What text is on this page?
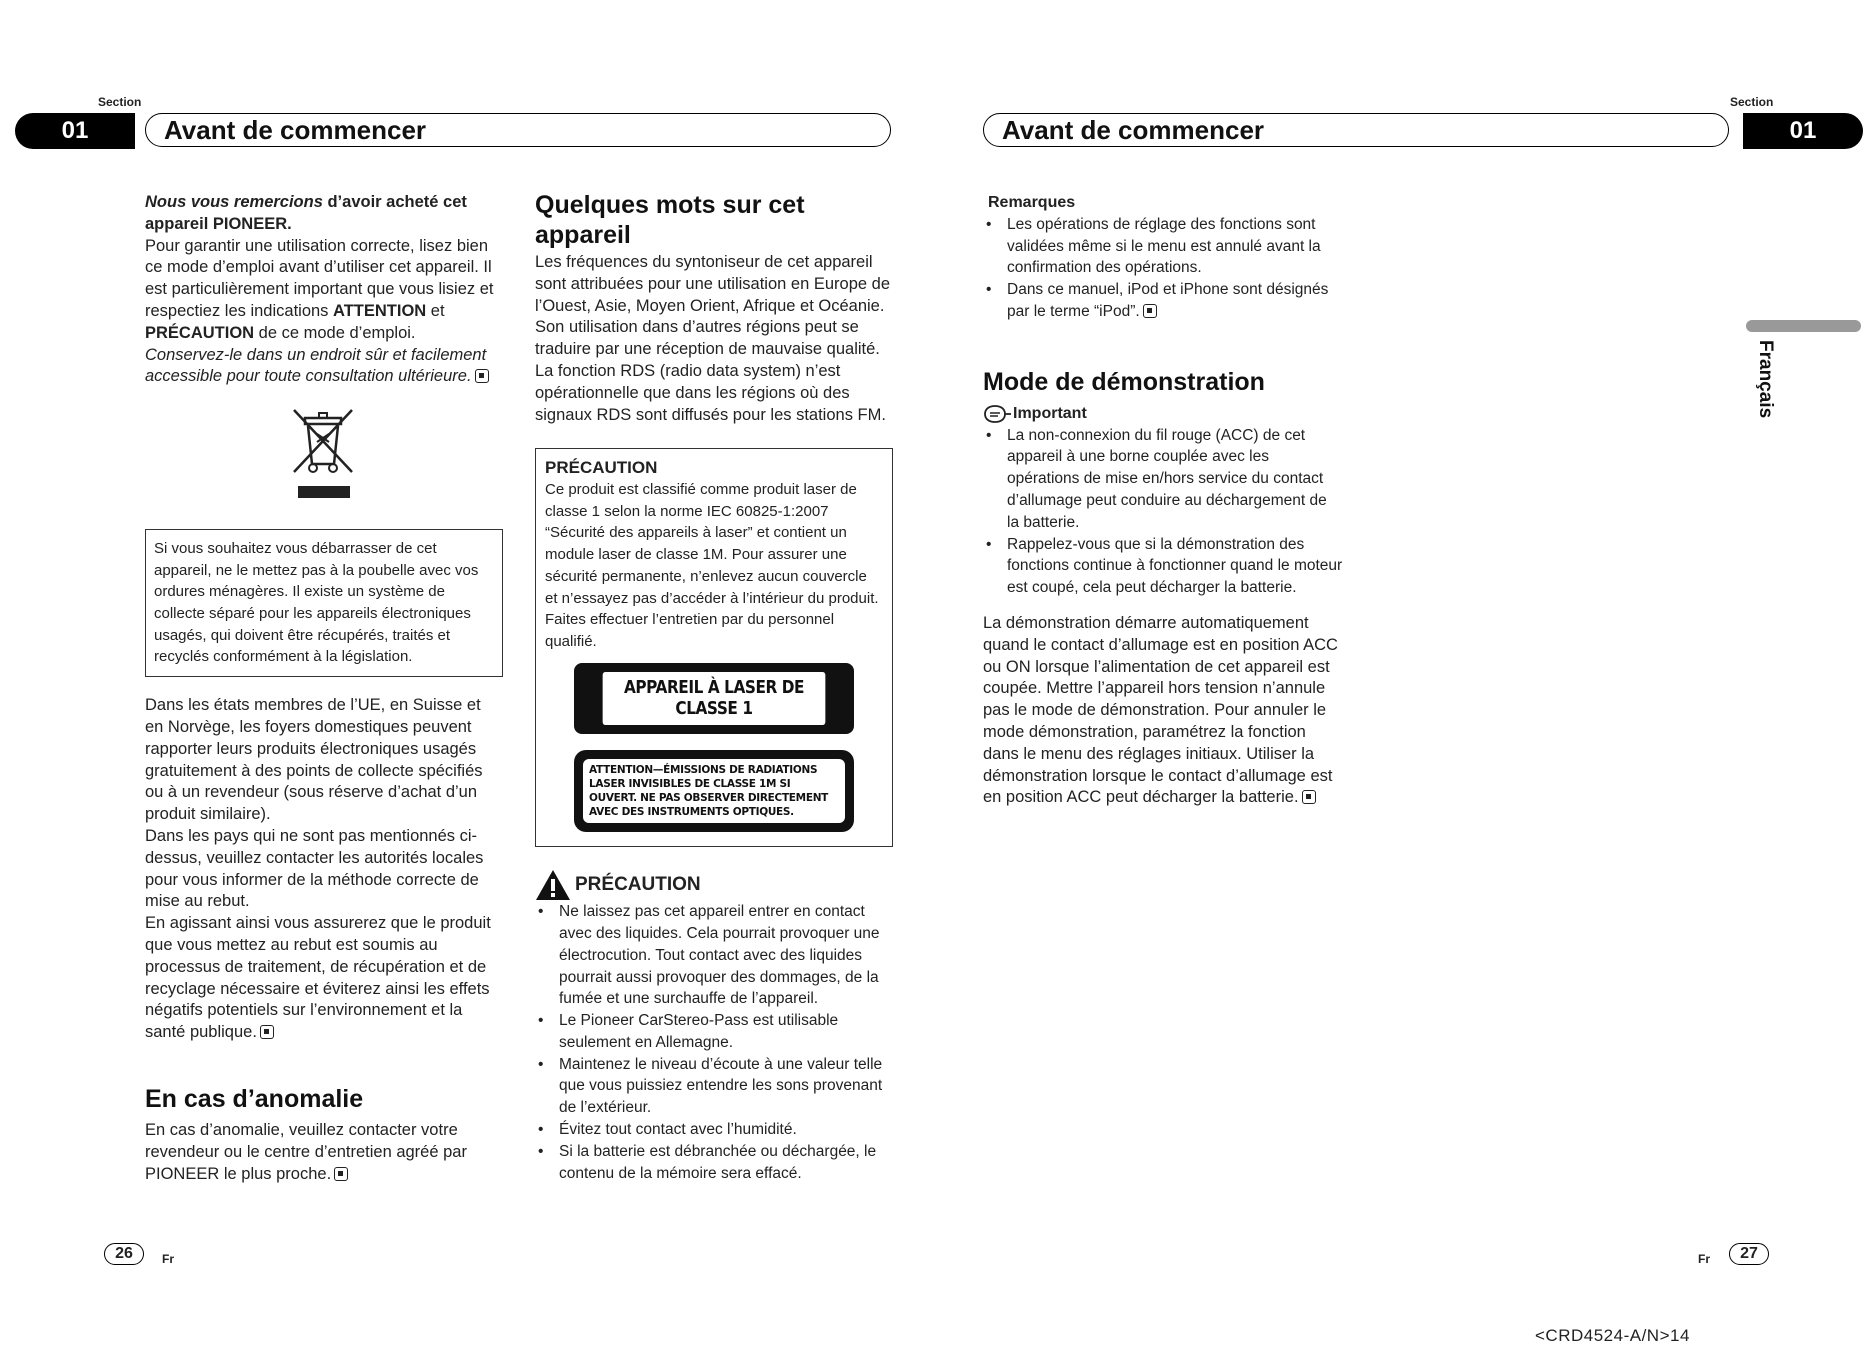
Section
01	Avant de commencer

Nous vous remercions d’avoir acheté cet appareil PIONEER.
Pour garantir une utilisation correcte, lisez bien ce mode d’emploi avant d’utiliser cet appareil. Il est particulièrement important que vous lisiez et respectiez les indications ATTENTION et PRÉCAUTION de ce mode d’emploi. Conservez-le dans un endroit sûr et facilement accessible pour toute consultation ultérieure.

Si vous souhaitez vous débarrasser de cet appareil, ne le mettez pas à la poubelle avec vos ordures ménagères. Il existe un système de collecte séparé pour les appareils électroniques usagés, qui doivent être récupérés, traités et recyclés conformément à la législation.

Dans les états membres de l’UE, en Suisse et en Norvège, les foyers domestiques peuvent rapporter leurs produits électroniques usagés gratuitement à des points de collecte spécifiés ou à un revendeur (sous réserve d’achat d’un produit similaire).

Dans les pays qui ne sont pas mentionnés ci-dessus, veuillez contacter les autorités locales pour vous informer de la méthode correcte de mise au rebut.

En agissant ainsi vous assurerez que le produit que vous mettez au rebut est soumis au processus de traitement, de récupération et de recyclage nécessaire et éviterez ainsi les effets négatifs potentiels sur l’environnement et la santé publique.

En cas d’anomalie

En cas d’anomalie, veuillez contacter votre revendeur ou le centre d’entretien agréé par PIONEER le plus proche.

Quelques mots sur cet appareil

Les fréquences du syntoniseur de cet appareil sont attribuées pour une utilisation en Europe de l’Ouest, Asie, Moyen Orient, Afrique et Océanie. Son utilisation dans d’autres régions peut se traduire par une réception de mauvaise qualité. La fonction RDS (radio data system) n’est opérationnelle que dans les régions où des signaux RDS sont diffusés pour les stations FM.

PRÉCAUTION
Ce produit est classifié comme produit laser de classe 1 selon la norme IEC 60825-1:2007 “Sécurité des appareils à laser” et contient un module laser de classe 1M. Pour assurer une sécurité permanente, n’enlevez aucun couvercle et n’essayez pas d’accéder à l’intérieur du produit. Faites effectuer l’entretien par du personnel qualifié.
APPAREIL À LASER DE CLASSE 1
ATTENTION—ÉMISSIONS DE RADIATIONS LASER INVISIBLES DE CLASSE 1M SI OUVERT. NE PAS OBSERVER DIRECTEMENT AVEC DES INSTRUMENTS OPTIQUES.
PRÉCAUTION
• Ne laissez pas cet appareil entrer en contact avec des liquides. Cela pourrait provoquer une électrocution. Tout contact avec des liquides pourrait aussi provoquer des dommages, de la fumée et une surchauffe de l’appareil.
• Le Pioneer CarStereo-Pass est utilisable seulement en Allemagne.
• Maintenez le niveau d’écoute à une valeur telle que vous puissiez entendre les sons provenant de l’extérieur.
• Évitez tout contact avec l’humidité.
• Si la batterie est débranchée ou déchargée, le contenu de la mémoire sera effacé.
26	Fr
Section
Avant de commencer	01
Remarques
• Les opérations de réglage des fonctions sont validées même si le menu est annulé avant la confirmation des opérations.
• Dans ce manuel, iPod et iPhone sont désignés par le terme “iPod”.
Mode de démonstration
Important
• La non-connexion du fil rouge (ACC) de cet appareil à une borne couplée avec les opérations de mise en/hors service du contact d’allumage peut conduire au déchargement de la batterie.
• Rappelez-vous que si la démonstration des fonctions continue à fonctionner quand le moteur est coupé, cela peut décharger la batterie.

La démonstration démarre automatiquement quand le contact d’allumage est en position ACC ou ON lorsque l’alimentation de cet appareil est coupée. Mettre l’appareil hors tension n’annule pas le mode de démonstration. Pour annuler le mode démonstration, paramétrez la fonction dans le menu des réglages initiaux. Utiliser la démonstration lorsque le contact d’allumage est en position ACC peut décharger la batterie.

Français
Fr	27
<CRD4524-A/N>14
